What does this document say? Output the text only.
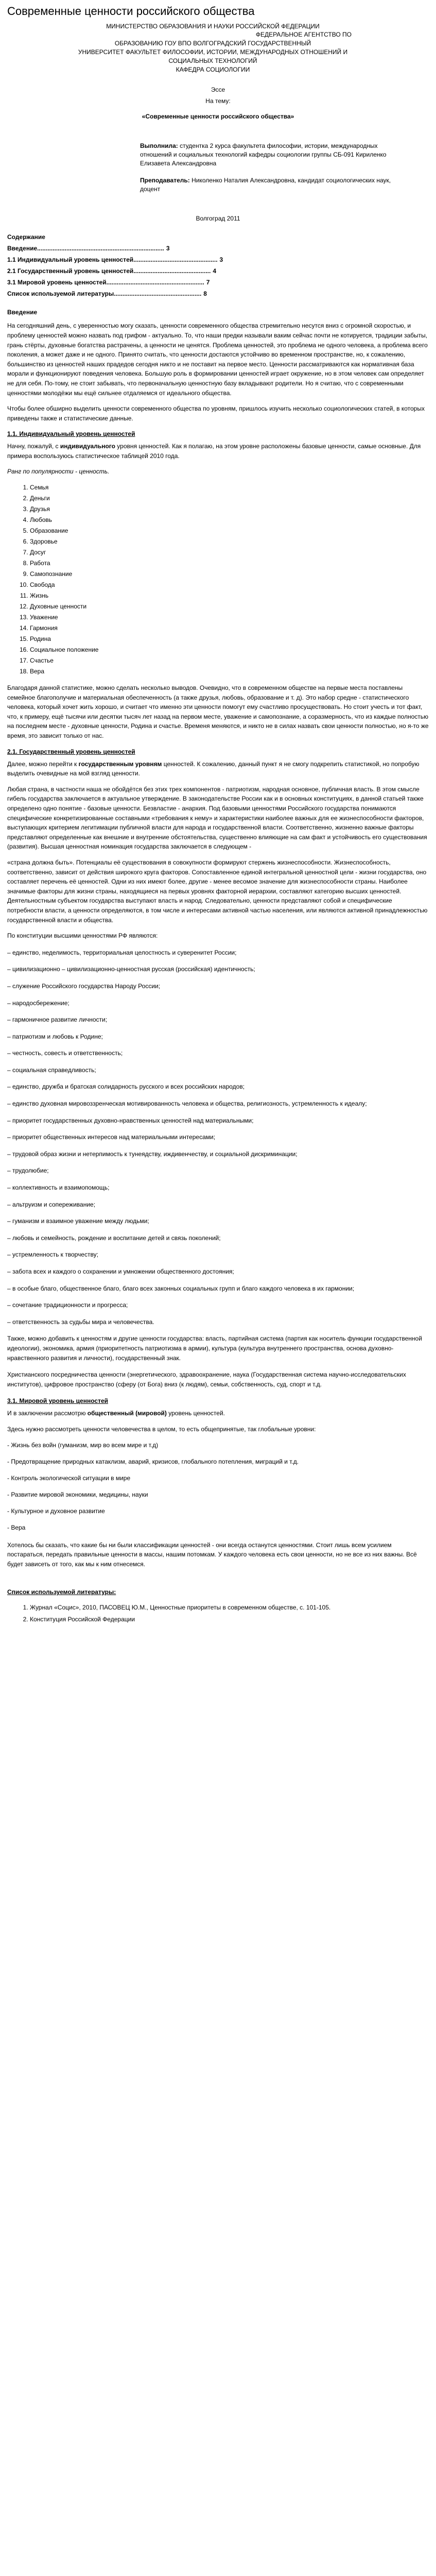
Современные ценности российского общества

МИНИСТЕРСТВО ОБРАЗОВАНИЯ И НАУКИ РОССИЙСКОЙ ФЕДЕРАЦИИ

ФЕДЕРАЛЬНОЕ АГЕНТСТВО ПО

ОБРАЗОВАНИЮ ГОУ ВПО ВОЛГОГРАДСКИЙ ГОСУДАРСТВЕННЫЙ

УНИВЕРСИТЕТ ФАКУЛЬТЕТ ФИЛОСОФИИ, ИСТОРИИ, МЕЖДУНАРОДНЫХ ОТНОШЕНИЙ И

СОЦИАЛЬНЫХ ТЕХНОЛОГИЙ

КАФЕДРА СОЦИОЛОГИИ

Эссе
На тему:
«Современные ценности российского общества»

Выполнила: студентка 2 курса факультета философии, истории, международных отношений и социальных технологий кафедры социологии группы СБ-091 Кириленко Елизавета Александровна

Преподаватель: Николенко Наталия Александровна, кандидат социологических наук, доцент

Волгоград 2011
Содержание
Введение .......................................................................... 3
1.1 Индивидуальный уровень ценностей ................................................. 3
2.1 Государственный уровень ценностей ............................................. 4
3.1 Мировой уровень ценностей ......................................................... 7
Список используемой литературы ................................................... 8
Введение

На сегодняшний день, с уверенностью могу сказать, ценности современного общества стремительно несутся вниз с огромной скоростью, и проблему ценностей можно назвать под грифом - актуально. То, что наши предки называли ваким сейчас почти не котируется, традиции забыты, грань стёрты, духовные богатства растрачены, а ценности не ценятся. Проблема ценностей, это проблема не одного человека, а проблема всего поколения, а может даже и не одного. Принято считать, что ценности достаются устойчиво во временном пространстве, но, к сожалению, большинство из ценностей наших прадедов сегодня никто и не поставит на первое место. Ценности рассматриваются как нормативная база морали и функционируют поведения человека. Большую роль в формировании ценностей играет окружение, но в этом человек сам определяет не для себя. По-тому, не стоит забывать, что первоначальную ценностную базу вкладывают родители. Но я считаю, что с современными ценностями молодёжи мы ещё сильнее отдаляемся от идеального общества.

Чтобы более обширно выделить ценности современного общества по уровням, пришлось изучить несколько социологических статей, в которых приведены также и статистические данные.

1.1. Индивидуальный уровень ценностей

Начну, пожалуй, с индивидуального уровня ценностей. Как я полагаю, на этом уровне расположены базовые ценности, самые основные. Для примера воспользуюсь статистическое таблицей 2010 года.

Ранг по популярности - ценность.

1. Семья
2. Деньги
3. Друзья
4. Любовь
5. Образование
6. Здоровье
7. Досуг
8. Работа
9. Самопознание
10. Свобода
11. Жизнь
12. Духовные ценности
13. Уважение
14. Гармония
15. Родина
16. Социальное положение
17. Счастье
18. Вера

Благодаря данной статистике, можно сделать несколько выводов. Очевидно, что в современном обществе на первые места поставлены семейное благополучие и материальная обеспеченность (а также друзья, любовь, образование и т. д). Это набор средне - статистического человека, который хочет жить хорошо, и считает что именно эти ценности помогут ему счастливо просуществовать. Но стоит учесть и тот факт, что, к примеру, ещё тысячи или десятки тысяч лет назад на первом месте, уважение и самопознание, а соразмерность, что из каждые полностью на последнем месте - духовные ценности, Родина и счастье. Временя меняются, и никто не в силах назвать свои ценности полностью, но я-то же время, это зависит только от нас.

2.1. Государственный уровень ценностей

Далее, можно перейти к государственным уровням ценностей. К сожалению, данный пункт я не смогу подкрепить статистикой, но попробую выделить очевидные на мой взгляд ценности.

Любая страна, в частности наша не обойдётся без этих трех компонентов - патриотизм, народная основное, публичная власть. В этом смысле гибель государства заключается в актуальное утверждение. В законодательстве России как и в основных конституциях, в данной статьей также определено одно понятие - базовые ценности. Безвластие - анархия. Под базовыми ценностями Российского государства понимаются специфические конкретизированные составными «требования к нему» и характеристики наиболее важных для ее жизнеспособности факторов, выступающих критерием легитимации публичной власти для народа и государственной власти. Соответственно, жизненно важные факторы представляют определенные как внешние и внутренние обстоятельства, существенно влияющие на сам факт и устойчивость его существования (развития). Высшая ценностная номинация государства заключается в следующем -

«страна должна быть». Потенциалы её существования в совокупности формируют стержень жизнеспособности. Жизнеспособность, соответственно, зависит от действия широкого круга факторов. Сопоставленное единой интегральной ценностной цели - жизни государства, оно составляет перечень её ценностей. Одни из них имеют более, другие - менее весомое значение для жизнеспособности страны. Наиболее значимые факторы для жизни страны, находящиеся на первых уровнях факторной иерархии, составляют категорию высших ценностей. Деятельностным субъектом государства выступают власть и народ. Следовательно, ценности представляют собой и специфические потребности власти, а ценности определяются, в том числе и интересами активной частью населения, или являются активной принадлежностью государственной власти и общества.

По конституции высшими ценностями РФ являются:

– единство, неделимость, территориальная целостность и суверенитет России;

– цивилизационно – цивилизационно-ценностная русская (российская) идентичность;

– служение Российского государства Народу России;

– народосбережение;

– гармоничное развитие личности;

– патриотизм и любовь к Родине;

– честность, совесть и ответственность;

– социальная справедливость;

– единство, дружба и братская солидарность русского и всех российских народов;

– единство духовная мировоззренческая мотивированность человека и общества, религиозность, устремленность к идеалу;

– приоритет государственных духовно-нравственных ценностей над материальными;

– приоритет общественных интересов над материальными интересами;

– трудовой образ жизни и нетерпимость к тунеядству, иждивенчеству, и социальной дискриминации;

– трудолюбие;

– коллективность и взаимопомощь;

– альтруизм и сопереживание;

– гуманизм и взаимное уважение между людьми;

– любовь и семейность, рождение и воспитание детей и связь поколений;

– устремленность к творчеству;

– забота всех и каждого о сохранении и умножении общественного достояния;

– в особые благо, общественное благо, благо всех законных социальных групп и благо каждого человека в их гармонии;

– сочетание традиционности и прогресса;

– ответственность за судьбы мира и человечества.

Также, можно добавить к ценностям и другие ценности государства: власть, партийная система (партия как носитель функции государственной идеологии), экономика, армия (приоритетность патриотизма в армии), культура (культура внутреннего пространства, основа духовно-нравственного развития и личности), государственный знак.

Христианского посредничества ценности (энергетического, здравоохранение, наука (Государственная система научно-исследовательских институтов), цифровое пространство (сферу (от Бога) вниз (к людям), семьи, собственность, суд, спорт и т.д.

3.1. Мировой уровень ценностей

И в заключении рассмотрю общественный (мировой) уровень ценностей.

Здесь нужно рассмотреть ценности человечества в целом, то есть общепринятые, так глобальные уровни:

- Жизнь без войн (гуманизм, мир во всем мире и т.д)
- Предотвращение природных катаклизм, аварий, кризисов, глобального потепления, миграций и т.д.
- Контроль экологической ситуации в мире
- Развитие мировой экономики, медицины, науки
- Культурное и духовное развитие
- Вера

Хотелось бы сказать, что какие бы ни были классификации ценностей - они всегда останутся ценностями. Стоит лишь всем усилием постараться, передать правильные ценности в массы, нашим потомкам. У каждого человека есть свои ценности, но не все из них важны. Всё будет зависеть от того, как мы к ним отнесемся.

Список используемой литературы:
1. Журнал «Социс», 2010, ПАСОВЕЦ Ю.М., Ценностные приоритеты в современном обществе, с. 101-105.
2. Конституция Российской Федерации
